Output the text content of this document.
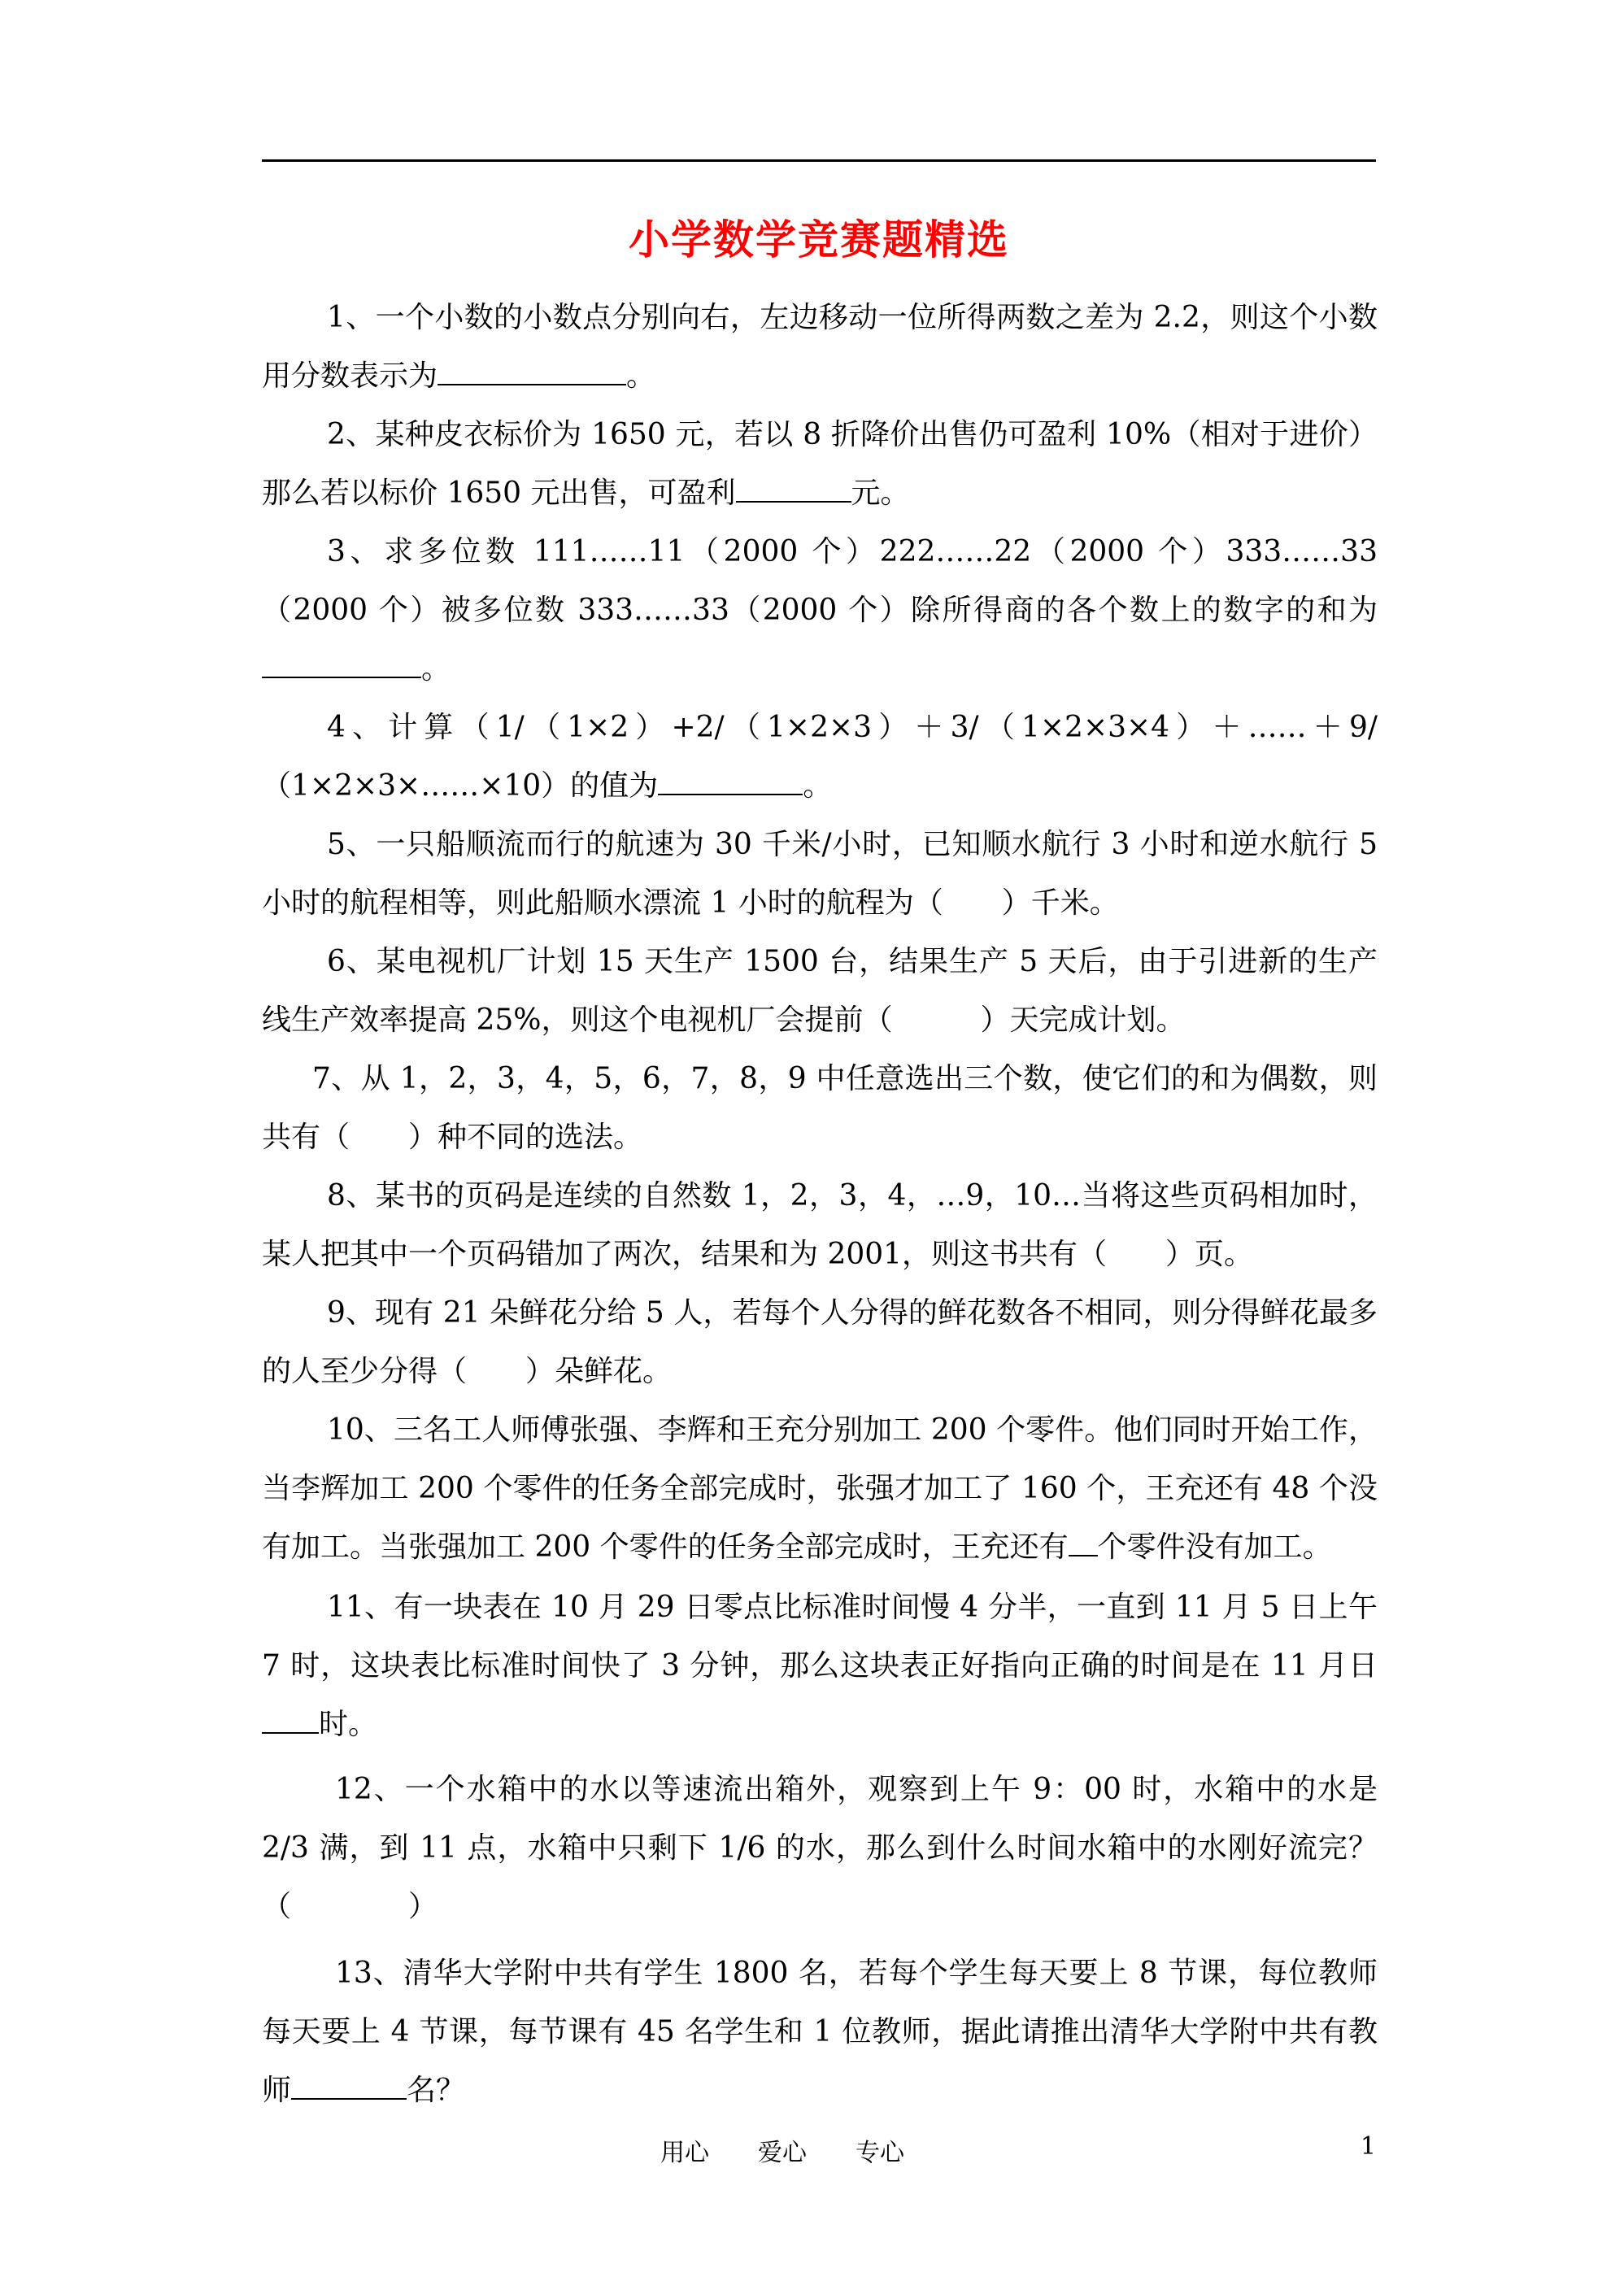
小学数学竞赛题精选

1、一个小数的小数点分别向右，左边移动一位所得两数之差为 2.2，则这个小数用分数表示为	。

2、某种皮衣标价为 1650 元，若以 8 折降价出售仍可盈利 10%（相对于进价）那么若以标价 1650 元出售，可盈利	元。

3、求多位数 111……11（2000 个）222……22（2000 个）333……33（2000 个）被多位数 333……33（2000 个）除所得商的各个数上的数字的和为。

4、计算（1/（1×2）+2/（1×2×3）＋3/（1×2×3×4）＋……＋9/（1×2×3×……×10）的值为	。

5、一只船顺流而行的航速为 30 千米/小时，已知顺水航行 3 小时和逆水航行 5 小时的航程相等，则此船顺水漂流 1 小时的航程为（　　）千米。

6、某电视机厂计划 15 天生产 1500 台，结果生产 5 天后，由于引进新的生产线生产效率提高 25%，则这个电视机厂会提前（　　　）天完成计划。

7、从 1，2，3，4，5，6，7，8，9 中任意选出三个数，使它们的和为偶数，则共有（　　）种不同的选法。

8、某书的页码是连续的自然数 1，2，3，4，…9，10…当将这些页码相加时，某人把其中一个页码错加了两次，结果和为 2001，则这书共有（　　）页。

9、现有 21 朵鲜花分给 5 人，若每个人分得的鲜花数各不相同，则分得鲜花最多的人至少分得（　　）朵鲜花。

10、三名工人师傅张强、李辉和王充分别加工 200 个零件。他们同时开始工作，当李辉加工 200 个零件的任务全部完成时，张强才加工了 160 个，王充还有 48 个没有加工。当张强加工 200 个零件的任务全部完成时，王充还有 个零件没有加工。

11、有一块表在 10 月 29 日零点比标准时间慢 4 分半，一直到 11 月 5 日上午 7 时，这块表比标准时间快了 3 分钟，那么这块表正好指向正确的时间是在 11 月日时。

12、一个水箱中的水以等速流出箱外，观察到上午 9：00 时，水箱中的水是 2/3 满，到 11 点，水箱中只剩下 1/6 的水，那么到什么时间水箱中的水刚好流完？（　　　　）

13、清华大学附中共有学生 1800 名，若每个学生每天要上 8 节课，每位教师每天要上 4 节课，每节课有 45 名学生和 1 位教师，据此请推出清华大学附中共有教师	名？

用心　　爱心　　专心	1
